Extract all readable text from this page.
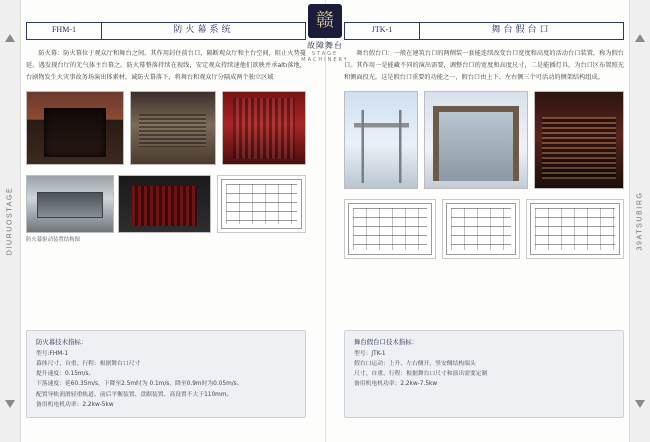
DIURUOSTAGE	39ATSUBIRG
赣
故障舞台
STAGE MACHINERY
FHM-1	防火幕系统
防火幕：防火幕位于观众厅和舞台之间。其作用封住前台口，隔断观众厅和主台空间，阻止火势蔓延。遇发现台厅的无气体主台幕之。防火幕整落持续在视线，安定观众持续速他们欲映并承altı落地，台剧物发生火灾事故务场演出体素材，诚防火幕落下，将舞台和观众厅分隔成两个独立区域
防火幕驱动装置结构图
JTK-1	舞台假台口
舞台假台口：一般在建筑台口的两侧装一套能连续改变台口宽度和高度的活动台口装置，称为假台口。其作用一是能藏不同的演出需要，调整台口的宽度和高度尺寸，二是能插灯具，为台口区布置照光和侧面投光。这是假台口重要的功能之一，假台口由上下、左右侧三个可活动的侧架结构组成。
防火幕技术指标：
型号:FHM-1
幕体尺寸、自重、行程：根据舞台口尺寸
提升速度：0.15m/s。
下落速度：延60.35m/s，下降至2.5m时为 0.1m/s，降至0.9m时为0.05m/s。
配置导轨润滑轻重轨道、前后平衡装置、盘踞装置、高设置不大于110mm。
备用机电机功率：2.2kw-5kw
舞台假台口技术指标：
型号：JTK-1
假台口运动：上升、左右侧开，竖安侧结构端头
尺寸、自重、行程：根据舞台口尺寸和演出需要定制
备用机电机功率：2.2kw-7.5kw
